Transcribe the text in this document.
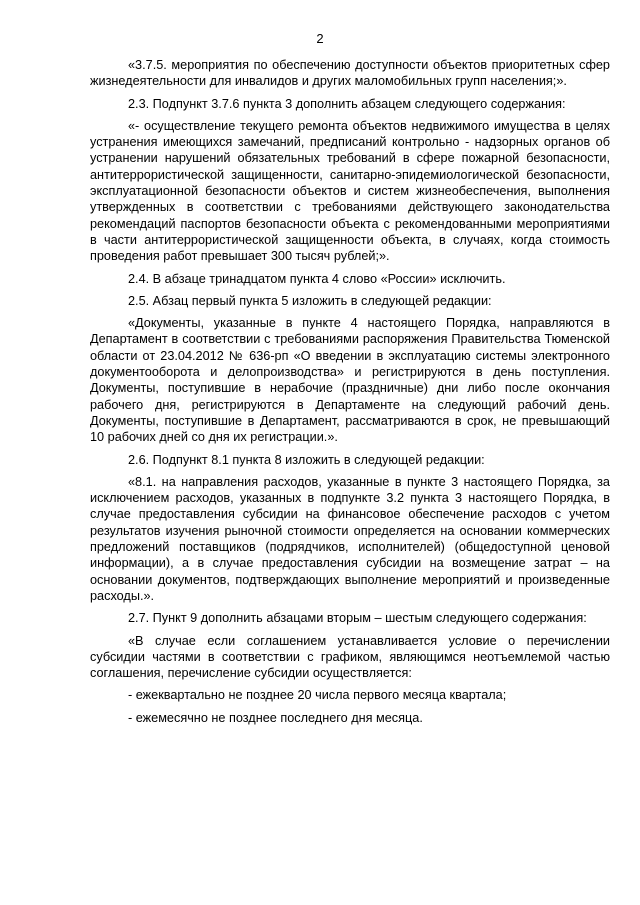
2

«3.7.5. мероприятия по обеспечению доступности объектов приоритетных сфер жизнедеятельности для инвалидов и других маломобильных групп населения;».

2.3. Подпункт 3.7.6 пункта 3 дополнить абзацем следующего содержания:

«- осуществление текущего ремонта объектов недвижимого имущества в целях устранения имеющихся замечаний, предписаний контрольно - надзорных органов об устранении нарушений обязательных требований в сфере пожарной безопасности, антитеррористической защищенности, санитарно-эпидемиологической безопасности, эксплуатационной безопасности объектов и систем жизнеобеспечения, выполнения утвержденных в соответствии с требованиями действующего законодательства рекомендаций паспортов безопасности объекта с рекомендованными мероприятиями в части антитеррористической защищенности объекта, в случаях, когда стоимость проведения работ превышает 300 тысяч рублей;».

2.4. В абзаце тринадцатом пункта 4 слово «России» исключить.

2.5. Абзац первый пункта 5 изложить в следующей редакции:

«Документы, указанные в пункте 4 настоящего Порядка, направляются в Департамент в соответствии с требованиями распоряжения Правительства Тюменской области от 23.04.2012 № 636-рп «О введении в эксплуатацию системы электронного документооборота и делопроизводства» и регистрируются в день поступления. Документы, поступившие в нерабочие (праздничные) дни либо после окончания рабочего дня, регистрируются в Департаменте на следующий рабочий день. Документы, поступившие в Департамент, рассматриваются в срок, не превышающий 10 рабочих дней со дня их регистрации.».

2.6. Подпункт 8.1 пункта 8 изложить в следующей редакции:

«8.1. на направления расходов, указанные в пункте 3 настоящего Порядка, за исключением расходов, указанных в подпункте 3.2 пункта 3 настоящего Порядка, в случае предоставления субсидии на финансовое обеспечение расходов с учетом результатов изучения рыночной стоимости определяется на основании коммерческих предложений поставщиков (подрядчиков, исполнителей) (общедоступной ценовой информации), а в случае предоставления субсидии на возмещение затрат – на основании документов, подтверждающих выполнение мероприятий и произведенные расходы.».

2.7. Пункт 9 дополнить абзацами вторым – шестым следующего содержания:

«В случае если соглашением устанавливается условие о перечислении субсидии частями в соответствии с графиком, являющимся неотъемлемой частью соглашения, перечисление субсидии осуществляется:

- ежеквартально не позднее 20 числа первого месяца квартала;

- ежемесячно не позднее последнего дня месяца.
